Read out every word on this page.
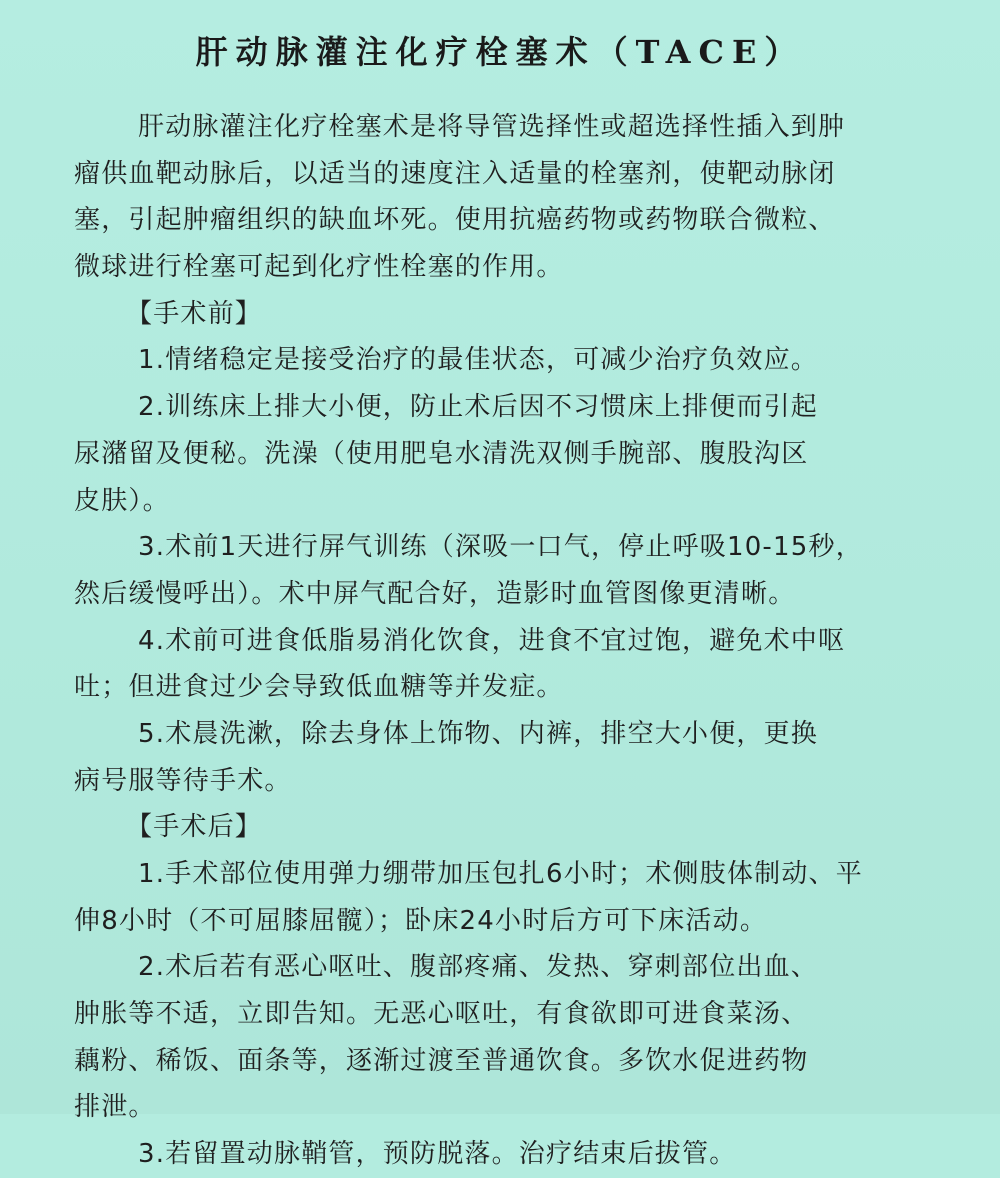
肝动脉灌注化疗栓塞术（TACE）
肝动脉灌注化疗栓塞术是将导管选择性或超选择性插入到肿
瘤供血靶动脉后，以适当的速度注入适量的栓塞剂，使靶动脉闭
塞，引起肿瘤组织的缺血坏死。使用抗癌药物或药物联合微粒、
微球进行栓塞可起到化疗性栓塞的作用。
【手术前】
1.情绪稳定是接受治疗的最佳状态，可减少治疗负效应。
2.训练床上排大小便，防止术后因不习惯床上排便而引起
尿潴留及便秘。洗澡（使用肥皂水清洗双侧手腕部、腹股沟区
皮肤）。
3.术前1天进行屏气训练（深吸一口气，停止呼吸10-15秒，
然后缓慢呼出）。术中屏气配合好，造影时血管图像更清晰。
4.术前可进食低脂易消化饮食，进食不宜过饱，避免术中呕
吐；但进食过少会导致低血糖等并发症。
5.术晨洗漱，除去身体上饰物、内裤，排空大小便，更换
病号服等待手术。
【手术后】
1.手术部位使用弹力绷带加压包扎6小时；术侧肢体制动、平
伸8小时（不可屈膝屈髋）；卧床24小时后方可下床活动。
2.术后若有恶心呕吐、腹部疼痛、发热、穿刺部位出血、
肿胀等不适，立即告知。无恶心呕吐，有食欲即可进食菜汤、
藕粉、稀饭、面条等，逐渐过渡至普通饮食。多饮水促进药物
排泄。
3.若留置动脉鞘管，预防脱落。治疗结束后拔管。
